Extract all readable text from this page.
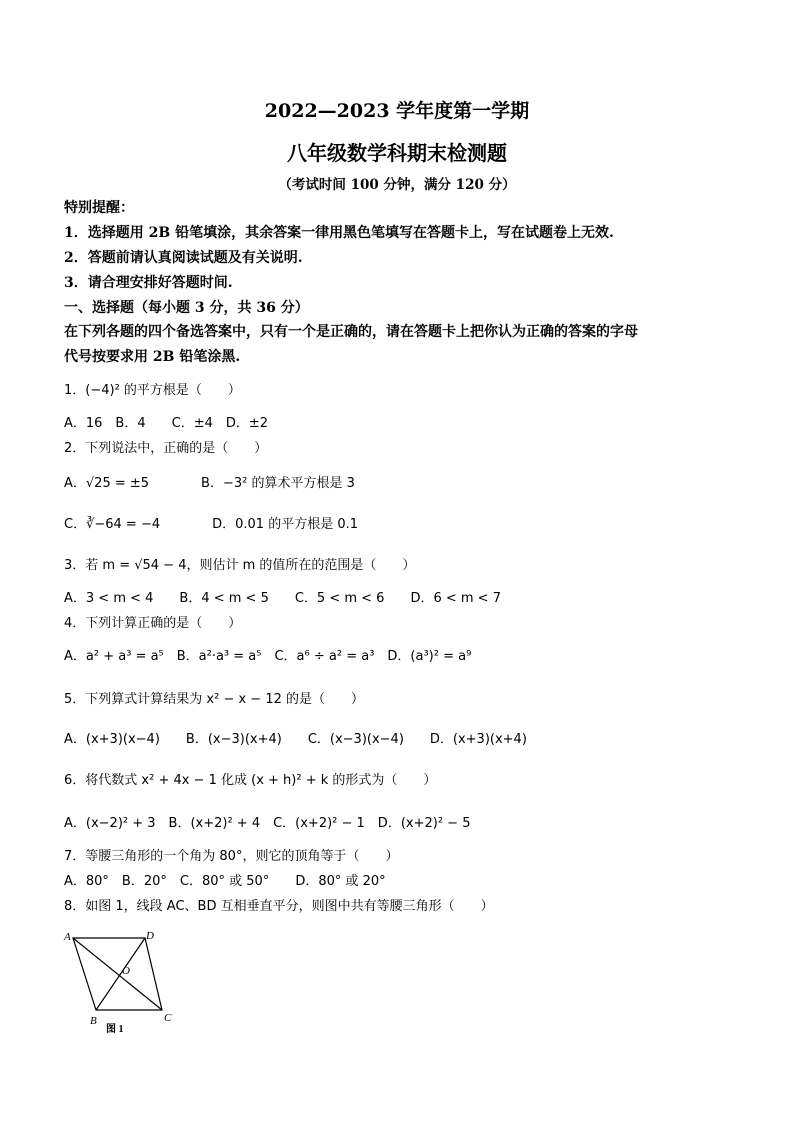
2022—2023 学年度第一学期
八年级数学科期末检测题
（考试时间 100 分钟，满分 120 分）
特别提醒：
1．选择题用 2B 铅笔填涂，其余答案一律用黑色笔填写在答题卡上，写在试题卷上无效.
2．答题前请认真阅读试题及有关说明.
3．请合理安排好答题时间.
一、选择题（每小题 3 分，共 36 分）
在下列各题的四个备选答案中，只有一个是正确的，请在答题卡上把你认为正确的答案的字母
代号按要求用 2B 铅笔涂黑.
1．(−4)² 的平方根是（　　）
A．16　B．4　　C．±4　D．±2
2．下列说法中，正确的是（　　）
A．√25 = ±5　　　　B．−3² 的算术平方根是 3
C．∛−64 = −4　　　　D．0.01 的平方根是 0.1
3．若 m = √54 − 4，则估计 m 的值所在的范围是（　　）
A．3 < m < 4　　B．4 < m < 5　　C．5 < m < 6　　D．6 < m < 7
4．下列计算正确的是（　　）
A．a² + a³ = a⁵　B．a²·a³ = a⁵　C．a⁶ ÷ a² = a³　D．(a³)² = a⁹
5．下列算式计算结果为 x² − x − 12 的是（　　）
A．(x+3)(x−4)　　B．(x−3)(x+4)　　C．(x−3)(x−4)　　D．(x+3)(x+4)
6．将代数式 x² + 4x − 1 化成 (x + h)² + k 的形式为（　　）
A．(x−2)² + 3　B．(x+2)² + 4　C．(x+2)² − 1　D．(x+2)² − 5
7．等腰三角形的一个角为 80°，则它的顶角等于（　　）
A．80°　B．20°　C．80° 或 50°　　D．80° 或 20°
8．如图 1，线段 AC、BD 互相垂直平分，则图中共有等腰三角形（　　）
A	D
O
B	C
图 1
